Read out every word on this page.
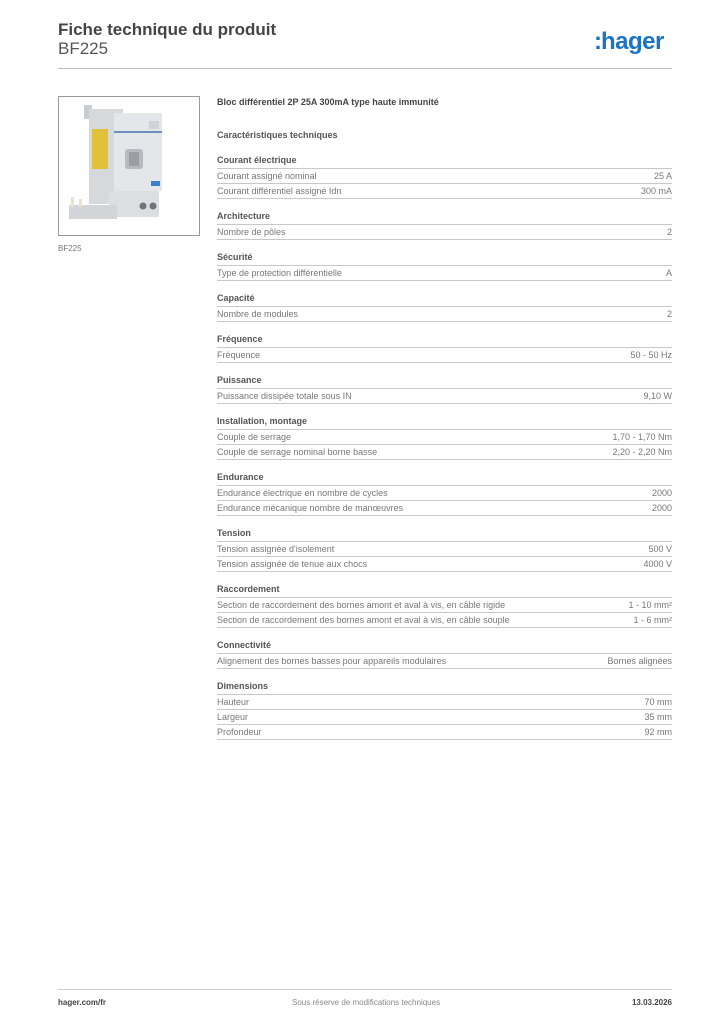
Fiche technique du produit
BF225	:hager
BF225
Bloc différentiel 2P 25A 300mA type haute immunité
Caractéristiques techniques
Courant électrique
Courant assigné nominal	25 A
Courant différentiel assigné Idn	300 mA
Architecture
Nombre de pôles	2
Sécurité
Type de protection différentielle	A
Capacité
Nombre de modules	2
Fréquence
Fréquence	50 - 50 Hz
Puissance
Puissance dissipée totale sous IN	9,10 W
Installation, montage
Couple de serrage	1,70 - 1,70 Nm
Couple de serrage nominal borne basse	2,20 - 2,20 Nm
Endurance
Endurance électrique en nombre de cycles	2000
Endurance mécanique nombre de manœuvres	2000
Tension
Tension assignée d'isolement	500 V
Tension assignée de tenue aux chocs	4000 V
Raccordement
Section de raccordement des bornes amont et aval à vis, en câble rigide	1 - 10 mm²
Section de raccordement des bornes amont et aval à vis, en câble souple	1 - 6 mm²
Connectivité
Alignement des bornes basses pour appareils modulaires	Bornes alignées
Dimensions
Hauteur	70 mm
Largeur	35 mm
Profondeur	92 mm
hager.com/fr	Sous réserve de modifications techniques	13.03.2026
